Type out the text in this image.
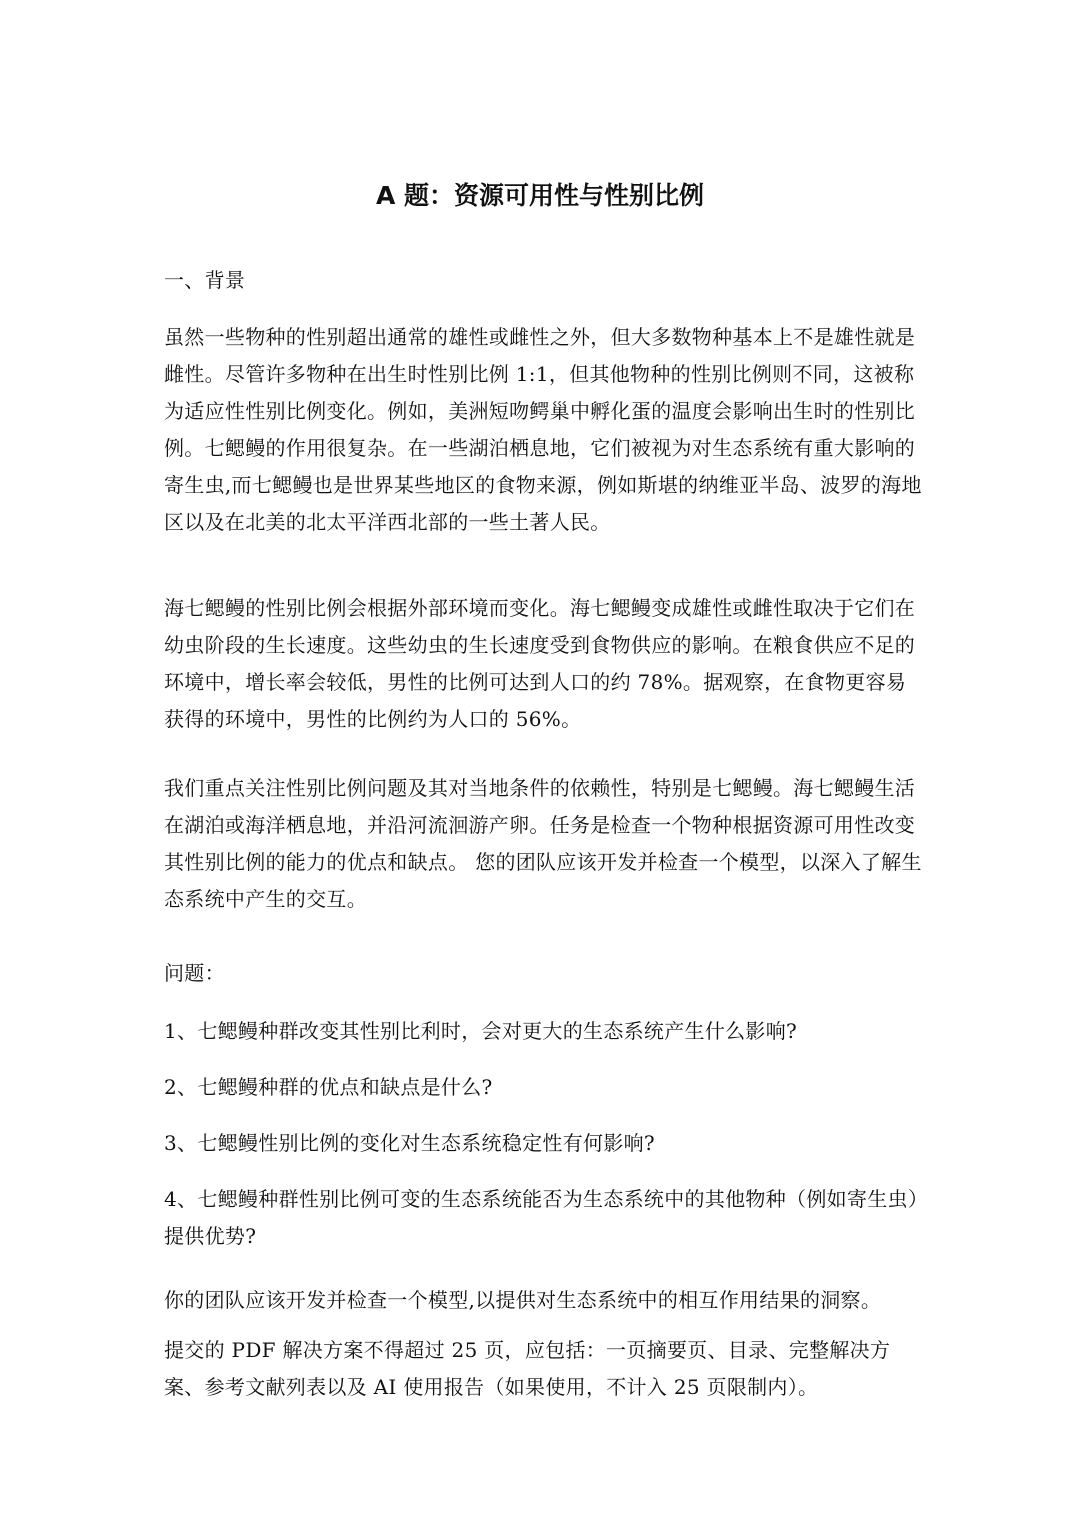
A 题：资源可用性与性别比例

一、背景

虽然一些物种的性别超出通常的雄性或雌性之外，但大多数物种基本上不是雄性就是雌性。尽管许多物种在出生时性别比例 1:1，但其他物种的性别比例则不同，这被称为适应性性别比例变化。例如，美洲短吻鳄巢中孵化蛋的温度会影响出生时的性别比例。七鳃鳗的作用很复杂。在一些湖泊栖息地，它们被视为对生态系统有重大影响的寄生虫,而七鳃鳗也是世界某些地区的食物来源，例如斯堪的纳维亚半岛、波罗的海地区以及在北美的北太平洋西北部的一些土著人民。

海七鳃鳗的性别比例会根据外部环境而变化。海七鳃鳗变成雄性或雌性取决于它们在幼虫阶段的生长速度。这些幼虫的生长速度受到食物供应的影响。在粮食供应不足的环境中，增长率会较低，男性的比例可达到人口的约 78%。据观察，在食物更容易获得的环境中，男性的比例约为人口的 56%。

我们重点关注性别比例问题及其对当地条件的依赖性，特别是七鳃鳗。海七鳃鳗生活在湖泊或海洋栖息地，并沿河流洄游产卵。任务是检查一个物种根据资源可用性改变其性别比例的能力的优点和缺点。 您的团队应该开发并检查一个模型，以深入了解生态系统中产生的交互。

问题：

1、七鳃鳗种群改变其性别比利时，会对更大的生态系统产生什么影响?

2、七鳃鳗种群的优点和缺点是什么?

3、七鳃鳗性别比例的变化对生态系统稳定性有何影响?

4、七鳃鳗种群性别比例可变的生态系统能否为生态系统中的其他物种（例如寄生虫）提供优势?

你的团队应该开发并检查一个模型,以提供对生态系统中的相互作用结果的洞察。

提交的 PDF 解决方案不得超过 25 页，应包括：一页摘要页、目录、完整解决方案、参考文献列表以及 AI 使用报告（如果使用，不计入 25 页限制内）。
